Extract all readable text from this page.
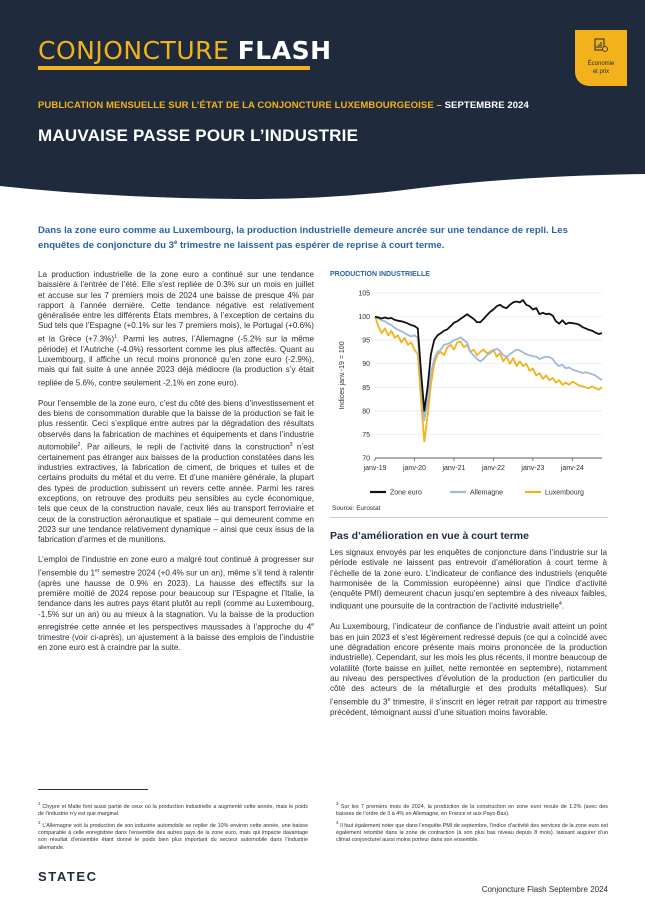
CONJONCTURE FLASH	Économie
et prix
PUBLICATION MENSUELLE SUR L’ÉTAT DE LA CONJONCTURE LUXEMBOURGEOISE – SEPTEMBRE 2024
MAUVAISE PASSE POUR L’INDUSTRIE
Dans la zone euro comme au Luxembourg, la production industrielle demeure ancrée sur une tendance de repli. Les enquêtes de conjoncture du 3e trimestre ne laissent pas espérer de reprise à court terme.

La production industrielle de la zone euro a continué sur une tendance baissière à l’entrée de l’été. Elle s’est repliée de 0.3% sur un mois en juillet et accuse sur les 7 premiers mois de 2024 une baisse de presque 4% par rapport à l’année dernière. Cette tendance négative est relativement généralisée entre les différents États membres, à l’exception de certains du Sud tels que l’Espagne (+0.1% sur les 7 premiers mois), le Portugal (+0.6%) et la Grèce $(+7.3\%)^1$. Parmi les autres, l’Allemagne (-5.2% sur la même période) et l’Autriche (-4.0%) ressortent comme les plus affectés. Quant au Luxembourg, il affiche un recul moins prononcé qu’en zone euro (-2.9%), mais qui fait suite à une année 2023 déjà médiocre (la production s’y était repliée de 5.6%, contre seulement -2.1% en zone euro).

Pour l’ensemble de la zone euro, c’est du côté des biens d’investissement et des biens de consommation durable que la baisse de la production se fait le plus ressentir. Ceci s’explique entre autres par la dégradation des résultats observés dans la fabrication de machines et équipements et dans l’industrie automobile$^2$. Par ailleurs, le repli de l’activité dans la construction$^3$ n’est certainement pas étranger aux baisses de la production constatées dans les industries extractives, la fabrication de ciment, de briques et tuiles et de certains produits du métal et du verre. Et d’une manière générale, la plupart des types de production subissent un revers cette année. Parmi les rares exceptions, on retrouve des produits peu sensibles au cycle économique, tels que ceux de la construction navale, ceux liés au transport ferroviaire et ceux de la construction aéronautique et spatiale – qui demeurent comme en 2023 sur une tendance relativement dynamique – ainsi que ceux issus de la fabrication d’armes et de munitions.

L’emploi de l’industrie en zone euro a malgré tout continué à progresser sur l’ensemble du 1er semestre 2024 (+0.4% sur un an), même s’il tend à ralentir (après une hausse de 0.9% en 2023). La hausse des effectifs sur la première moitié de 2024 repose pour beaucoup sur l’Espagne et l’Italie, la tendance dans les autres pays étant plutôt au repli (comme au Luxembourg, -1.5% sur un an) ou au mieux à la stagnation. Vu la baisse de la production enregistrée cette année et les perspectives maussades à l’approche du 4e trimestre (voir ci-après), un ajustement à la baisse des emplois de l’industrie en zone euro est à craindre par la suite.

PRODUCTION INDUSTRIELLE
70
75
80
85
90
95
100
105
janv-19 janv-20 janv-21 janv-22 janv-23 janv-24
Indices janv.-19 = 100
Zone euro	Allemagne	Luxembourg
Source: Eurostat
Pas d’amélioration en vue à court terme

Les signaux envoyés par les enquêtes de conjoncture dans l’industrie sur la période estivale ne laissent pas entrevoir d’amélioration à court terme à l’échelle de la zone euro. L’indicateur de confiance des industriels (enquête harmonisée de la Commission européenne) ainsi que l’indice d’activité (enquête PMI) demeurent chacun jusqu’en septembre à des niveaux faibles, indiquant une poursuite de la contraction de l’activité industrielle$^4$.

Au Luxembourg, l’indicateur de confiance de l’industrie avait atteint un point bas en juin 2023 et s’est légèrement redressé depuis (ce qui a coïncidé avec une dégradation encore présente mais moins prononcée de la production industrielle). Cependant, sur les mois les plus récents, il montre beaucoup de volatilité (forte baisse en juillet, nette remontée en septembre), notamment au niveau des perspectives d’évolution de la production (en particulier du côté des acteurs de la métallurgie et des produits métalliques). Sur l’ensemble du 3e trimestre, il s’inscrit en léger retrait par rapport au trimestre précédent, témoignant aussi d’une situation moins favorable.

$^1$ Chypre et Malte font aussi partie de ceux où la production industrielle a augmenté cette année, mais le poids de l’industrie n’y est que marginal.

$^2$ L’Allemagne voit la production de son industrie automobile se replier de 10% environ cette année, une baisse comparable à celle enregistrée dans l’ensemble des autres pays de la zone euro, mais qui impacte davantage son résultat d’ensemble étant donné le poids bien plus important du secteur automobile dans l’industrie allemande.

$^3$ Sur les 7 premiers mois de 2024, la production de la construction en zone euro recule de 1.2% (avec des baisses de l’ordre de 3 à 4% en Allemagne, en France et aux Pays-Bas).

$^4$ Il faut également noter que dans l’enquête PMI de septembre, l’indice d’activité des services de la zone euro est également retombé dans la zone de contraction (à son plus bas niveau depuis 8 mois), laissant augurer d’un climat conjoncturel aussi moins porteur dans son ensemble.

STATEC
Conjoncture Flash Septembre 2024
